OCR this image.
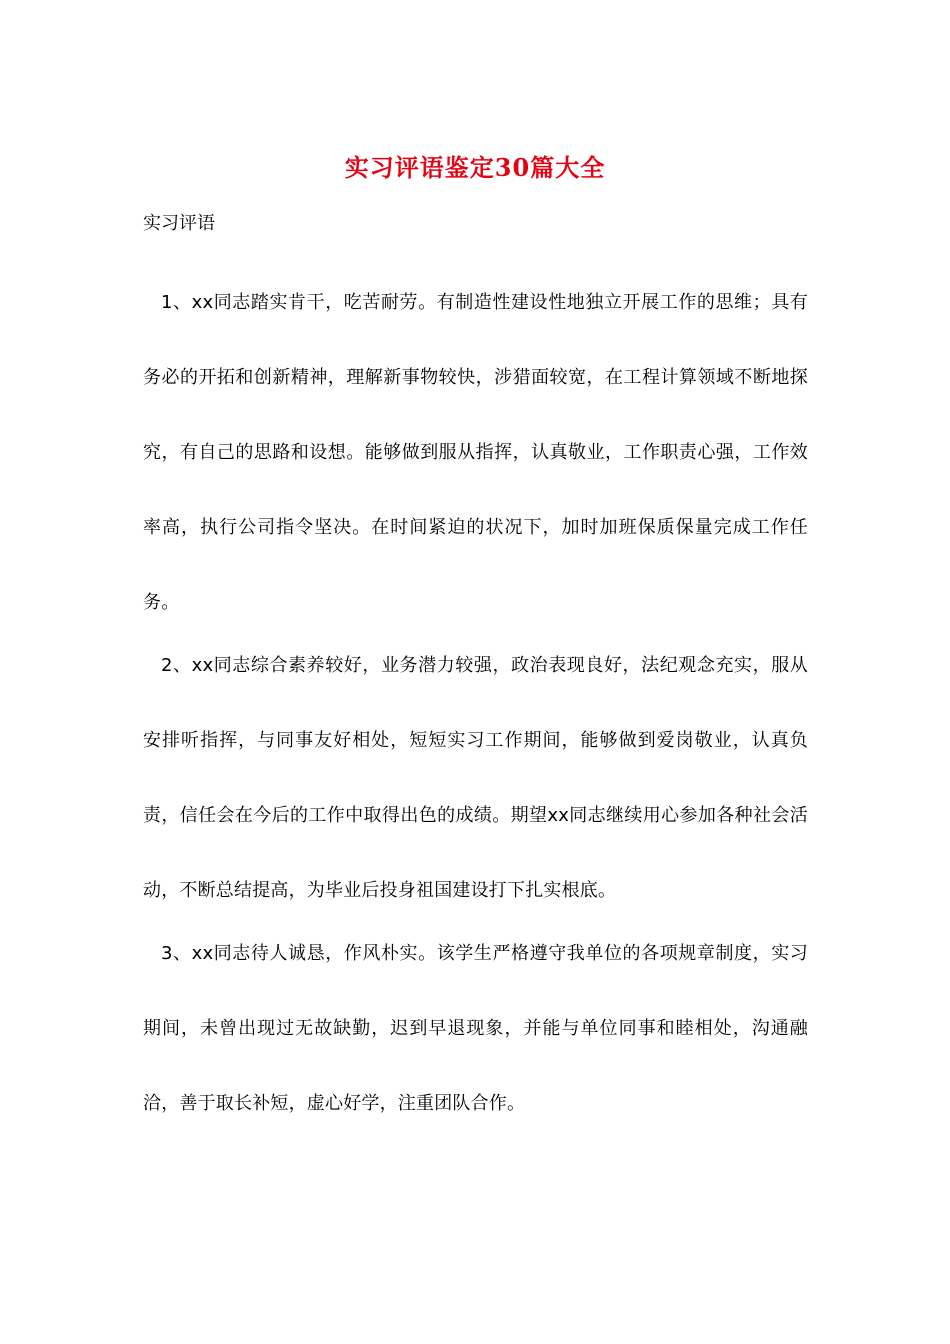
实习评语鉴定30篇大全
实习评语

1、xx同志踏实肯干，吃苦耐劳。有制造性建设性地独立开展工作的思维；具有务必的开拓和创新精神，理解新事物较快，涉猎面较宽，在工程计算领域不断地探究，有自己的思路和设想。能够做到服从指挥，认真敬业，工作职责心强，工作效率高，执行公司指令坚决。在时间紧迫的状况下，加时加班保质保量完成工作任务。

2、xx同志综合素养较好，业务潜力较强，政治表现良好，法纪观念充实，服从安排听指挥，与同事友好相处，短短实习工作期间，能够做到爱岗敬业，认真负责，信任会在今后的工作中取得出色的成绩。期望xx同志继续用心参加各种社会活动，不断总结提高，为毕业后投身祖国建设打下扎实根底。

3、xx同志待人诚恳，作风朴实。该学生严格遵守我单位的各项规章制度，实习期间，未曾出现过无故缺勤，迟到早退现象，并能与单位同事和睦相处，沟通融洽，善于取长补短，虚心好学，注重团队合作。
